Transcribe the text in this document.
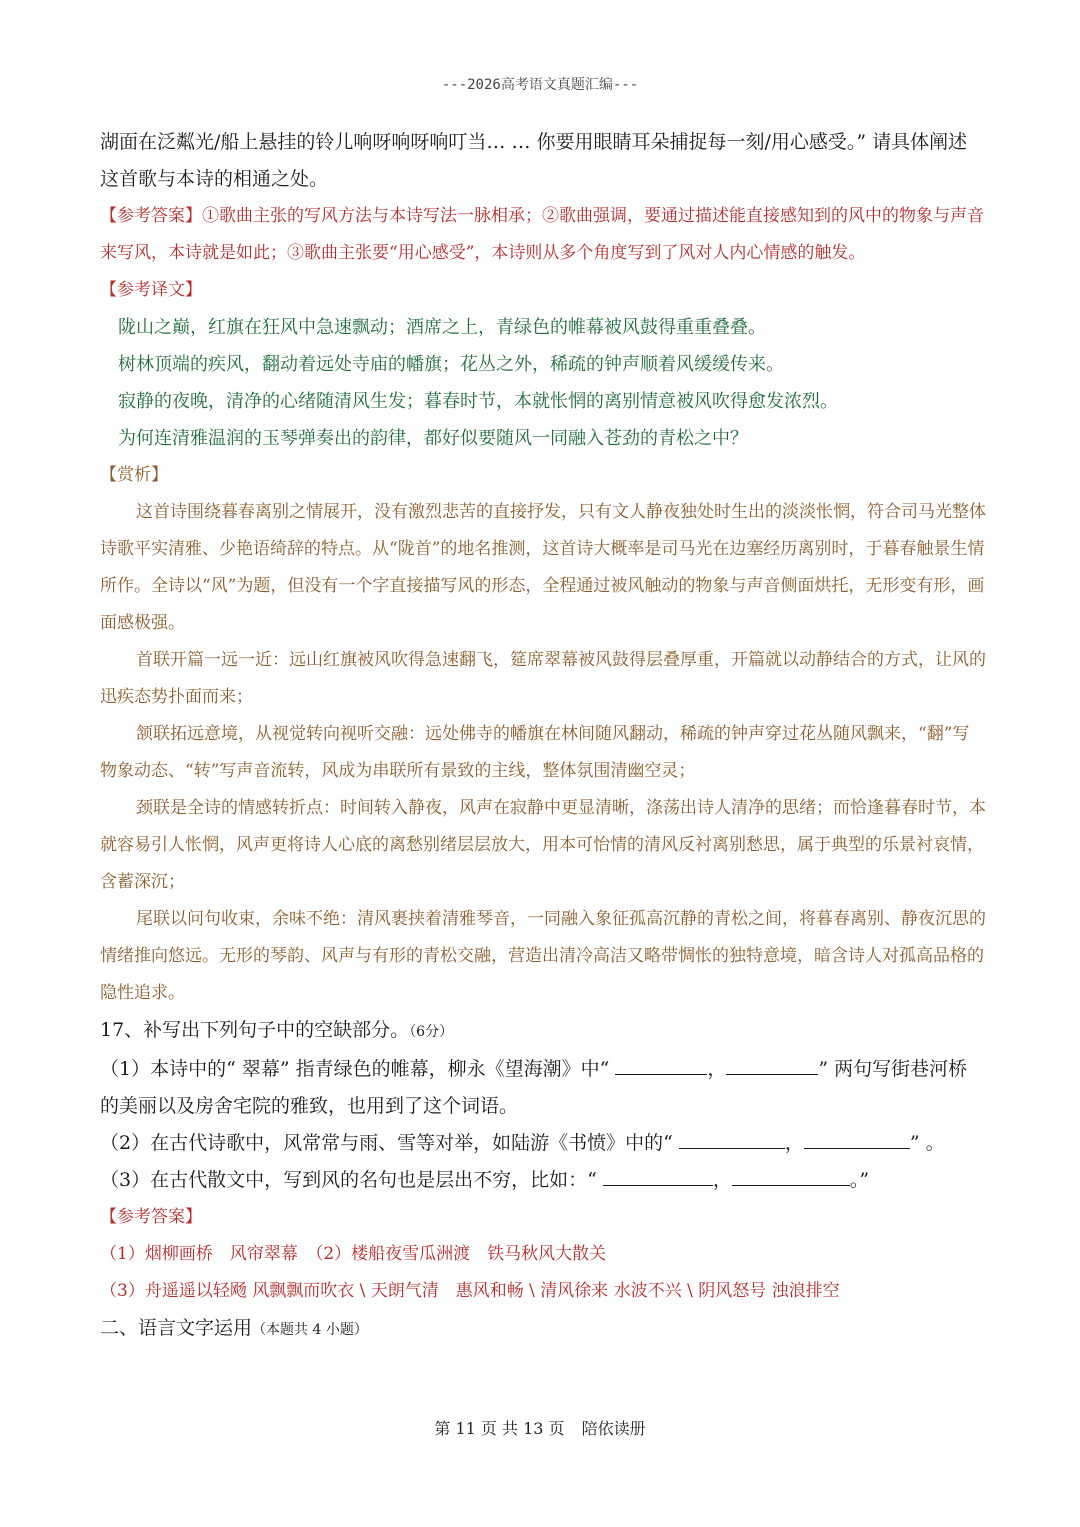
---2026高考语文真题汇编---

湖面在泛粼光/船上悬挂的铃儿响呀响呀响叮当… … 你要用眼睛耳朵捕捉每一刻/用心感受。” 请具体阐述

这首歌与本诗的相通之处。

【参考答案】①歌曲主张的写风方法与本诗写法一脉相承；②歌曲强调，要通过描述能直接感知到的风中的物象与声音来写风，本诗就是如此；③歌曲主张要“用心感受”，本诗则从多个角度写到了风对人内心情感的触发。

【参考译文】

陇山之巅，红旗在狂风中急速飘动；酒席之上，青绿色的帷幕被风鼓得重重叠叠。

树林顶端的疾风，翻动着远处寺庙的幡旗；花丛之外，稀疏的钟声顺着风缓缓传来。

寂静的夜晚，清净的心绪随清风生发；暮春时节，本就怅惘的离别情意被风吹得愈发浓烈。

为何连清雅温润的玉琴弹奏出的韵律，都好似要随风一同融入苍劲的青松之中？

【赏析】

这首诗围绕暮春离别之情展开，没有激烈悲苦的直接抒发，只有文人静夜独处时生出的淡淡怅惘，符合司马光整体诗歌平实清雅、少艳语绮辞的特点。从“陇首”的地名推测，这首诗大概率是司马光在边塞经历离别时，于暮春触景生情所作。全诗以“风”为题，但没有一个字直接描写风的形态，全程通过被风触动的物象与声音侧面烘托，无形变有形，画面感极强。

首联开篇一远一近：远山红旗被风吹得急速翻飞，筵席翠幕被风鼓得层叠厚重，开篇就以动静结合的方式，让风的迅疾态势扑面而来；

颔联拓远意境，从视觉转向视听交融：远处佛寺的幡旗在林间随风翻动，稀疏的钟声穿过花丛随风飘来，“翻”写物象动态、“转”写声音流转，风成为串联所有景致的主线，整体氛围清幽空灵；

颈联是全诗的情感转折点：时间转入静夜，风声在寂静中更显清晰，涤荡出诗人清净的思绪；而恰逢暮春时节，本就容易引人怅惘，风声更将诗人心底的离愁别绪层层放大，用本可怡情的清风反衬离别愁思，属于典型的乐景衬哀情，含蓄深沉；

尾联以问句收束，余味不绝：清风裹挟着清雅琴音，一同融入象征孤高沉静的青松之间，将暮春离别、静夜沉思的情绪推向悠远。无形的琴韵、风声与有形的青松交融，营造出清冷高洁又略带惆怅的独特意境，暗含诗人对孤高品格的隐性追求。

17、补写出下列句子中的空缺部分。（6分）

（1）本诗中的“ 翠幕” 指青绿色的帷幕，柳永《望海潮》中“	，	” 两句写街巷河桥

的美丽以及房舍宅院的雅致，也用到了这个词语。

（2）在古代诗歌中，风常常与雨、雪等对举，如陆游《书愤》中的“	，	” 。

（3）在古代散文中，写到风的名句也是层出不穷，比如：“	，	。”

【参考答案】

（1）烟柳画桥　风帘翠幕　（2）楼船夜雪瓜洲渡　铁马秋风大散关

（3）舟遥遥以轻飏 风飘飘而吹衣 \ 天朗气清　惠风和畅 \ 清风徐来 水波不兴 \ 阴风怒号 浊浪排空

二、语言文字运用（本题共 4 小题）

第 11 页 共 13 页 陪依读册
